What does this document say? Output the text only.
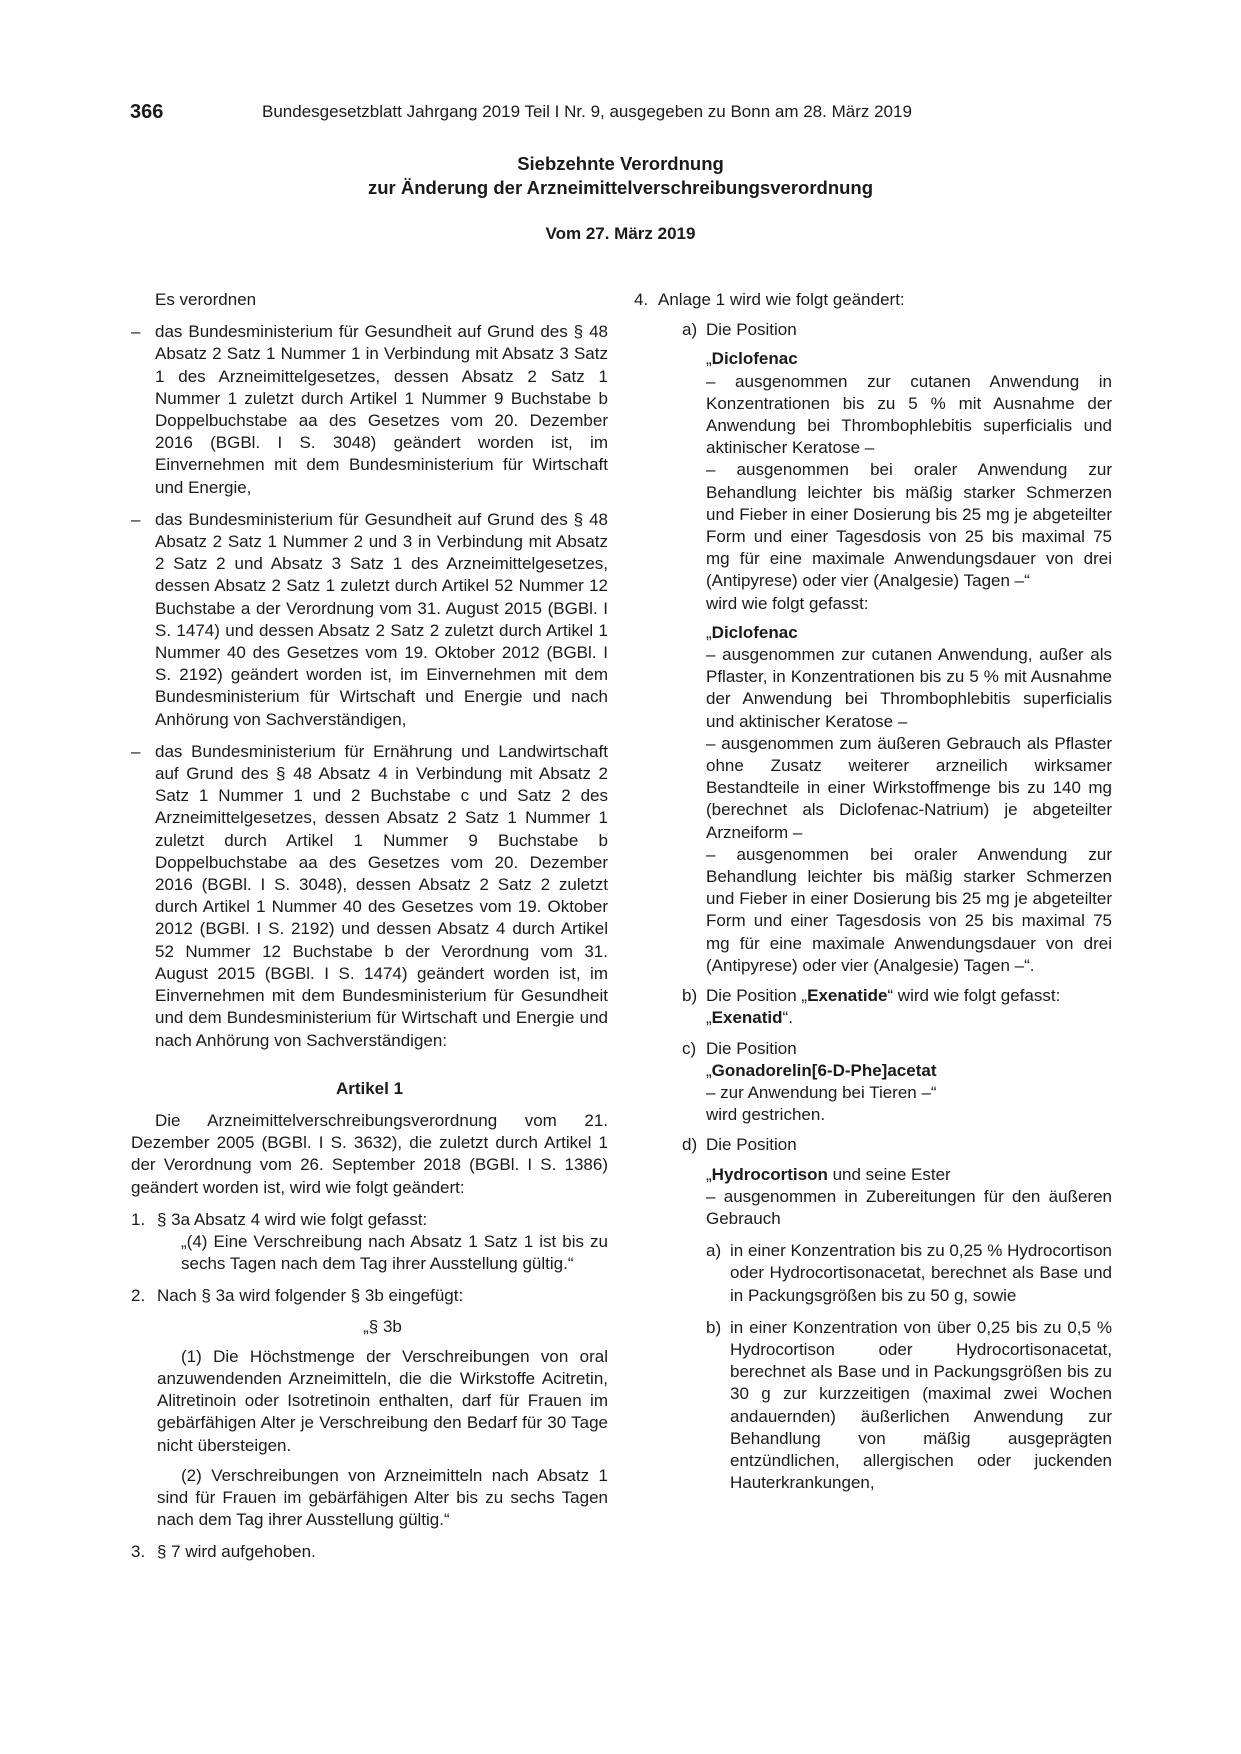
366	Bundesgesetzblatt Jahrgang 2019 Teil I Nr. 9, ausgegeben zu Bonn am 28. März 2019

Siebzehnte Verordnung

zur Änderung der Arzneimittelverschreibungsverordnung

Vom 27. März 2019

Es verordnen

– das Bundesministerium für Gesundheit auf Grund des § 48 Absatz 2 Satz 1 Nummer 1 in Verbindung mit Absatz 3 Satz 1 des Arzneimittelgesetzes, dessen Absatz 2 Satz 1 Nummer 1 zuletzt durch Artikel 1 Nummer 9 Buchstabe b Doppelbuchstabe aa des Gesetzes vom 20. Dezember 2016 (BGBl. I S. 3048) geändert worden ist, im Einvernehmen mit dem Bundesministerium für Wirtschaft und Energie,
– das Bundesministerium für Gesundheit auf Grund des § 48 Absatz 2 Satz 1 Nummer 2 und 3 in Verbindung mit Absatz 2 Satz 2 und Absatz 3 Satz 1 des Arzneimittelgesetzes, dessen Absatz 2 Satz 1 zuletzt durch Artikel 52 Nummer 12 Buchstabe a der Verordnung vom 31. August 2015 (BGBl. I S. 1474) und dessen Absatz 2 Satz 2 zuletzt durch Artikel 1 Nummer 40 des Gesetzes vom 19. Oktober 2012 (BGBl. I S. 2192) geändert worden ist, im Einvernehmen mit dem Bundesministerium für Wirtschaft und Energie und nach Anhörung von Sachverständigen,
– das Bundesministerium für Ernährung und Landwirtschaft auf Grund des § 48 Absatz 4 in Verbindung mit Absatz 2 Satz 1 Nummer 1 und 2 Buchstabe c und Satz 2 des Arzneimittelgesetzes, dessen Absatz 2 Satz 1 Nummer 1 zuletzt durch Artikel 1 Nummer 9 Buchstabe b Doppelbuchstabe aa des Gesetzes vom 20. Dezember 2016 (BGBl. I S. 3048), dessen Absatz 2 Satz 2 zuletzt durch Artikel 1 Nummer 40 des Gesetzes vom 19. Oktober 2012 (BGBl. I S. 2192) und dessen Absatz 4 durch Artikel 52 Nummer 12 Buchstabe b der Verordnung vom 31. August 2015 (BGBl. I S. 1474) geändert worden ist, im Einvernehmen mit dem Bundesministerium für Gesundheit und dem Bundesministerium für Wirtschaft und Energie und nach Anhörung von Sachverständigen:

Artikel 1

Die Arzneimittelverschreibungsverordnung vom 21. Dezember 2005 (BGBl. I S. 3632), die zuletzt durch Artikel 1 der Verordnung vom 26. September 2018 (BGBl. I S. 1386) geändert worden ist, wird wie folgt geändert:

1. § 3a Absatz 4 wird wie folgt gefasst:

„(4) Eine Verschreibung nach Absatz 1 Satz 1 ist bis zu sechs Tagen nach dem Tag ihrer Ausstellung gültig.“

2. Nach § 3a wird folgender § 3b eingefügt:

„§ 3b

(1) Die Höchstmenge der Verschreibungen von oral anzuwendenden Arzneimitteln, die die Wirkstoffe Acitretin, Alitretinoin oder Isotretinoin enthalten, darf für Frauen im gebärfähigen Alter je Verschreibung den Bedarf für 30 Tage nicht übersteigen.

(2) Verschreibungen von Arzneimitteln nach Absatz 1 sind für Frauen im gebärfähigen Alter bis zu sechs Tagen nach dem Tag ihrer Ausstellung gültig.“

3. § 7 wird aufgehoben.

4. Anlage 1 wird wie folgt geändert:

a) Die Position

„Diclofenac

– ausgenommen zur cutanen Anwendung in Konzentrationen bis zu 5 % mit Ausnahme der Anwendung bei Thrombophlebitis superficialis und aktinischer Keratose –

– ausgenommen bei oraler Anwendung zur Behandlung leichter bis mäßig starker Schmerzen und Fieber in einer Dosierung bis 25 mg je abgeteilter Form und einer Tagesdosis von 25 bis maximal 75 mg für eine maximale Anwendungsdauer von drei (Antipyrese) oder vier (Analgesie) Tagen –“

wird wie folgt gefasst:

„Diclofenac

– ausgenommen zur cutanen Anwendung, außer als Pflaster, in Konzentrationen bis zu 5 % mit Ausnahme der Anwendung bei Thrombophlebitis superficialis und aktinischer Keratose –

– ausgenommen zum äußeren Gebrauch als Pflaster ohne Zusatz weiterer arzneilich wirksamer Bestandteile in einer Wirkstoffmenge bis zu 140 mg (berechnet als Diclofenac-Natrium) je abgeteilter Arzneiform –

– ausgenommen bei oraler Anwendung zur Behandlung leichter bis mäßig starker Schmerzen und Fieber in einer Dosierung bis 25 mg je abgeteilter Form und einer Tagesdosis von 25 bis maximal 75 mg für eine maximale Anwendungsdauer von drei (Antipyrese) oder vier (Analgesie) Tagen –“.

b) Die Position „Exenatide“ wird wie folgt gefasst:

„Exenatid“.

c) Die Position

„Gonadorelin[6-D-Phe]acetat

– zur Anwendung bei Tieren –“

wird gestrichen.

d) Die Position

„Hydrocortison und seine Ester

– ausgenommen in Zubereitungen für den äußeren Gebrauch

a) in einer Konzentration bis zu 0,25 % Hydrocortison oder Hydrocortisonacetat, berechnet als Base und in Packungsgrößen bis zu 50 g, sowie
b) in einer Konzentration von über 0,25 bis zu 0,5 % Hydrocortison oder Hydrocortisonacetat, berechnet als Base und in Packungsgrößen bis zu 30 g zur kurzzeitigen (maximal zwei Wochen andauernden) äußerlichen Anwendung zur Behandlung von mäßig ausgeprägten entzündlichen, allergischen oder juckenden Hauterkrankungen,
